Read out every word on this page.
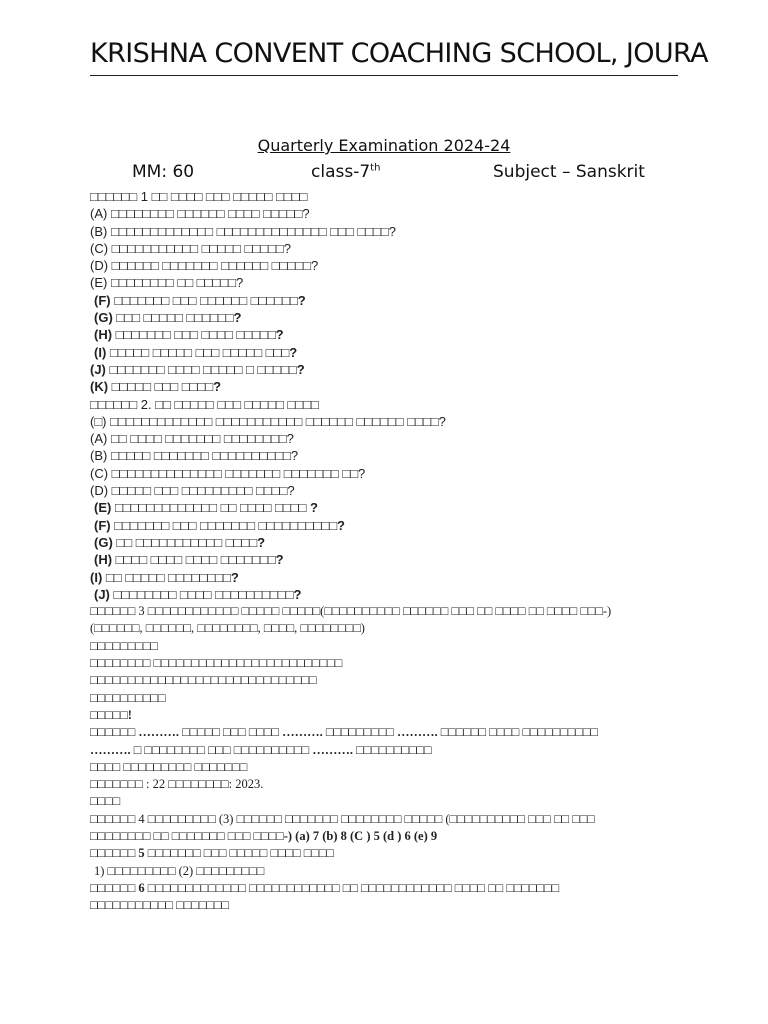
KRISHNA CONVENT COACHING SCHOOL, JOURA
Quarterly Examination 2024-24
MM: 60	class-7th	Subject – Sanskrit
□□□□□□ 1 □□ □□□□ □□□ □□□□□ □□□□
(A) □□□□□□□□ □□□□□□ □□□□ □□□□□?
(B) □□□□□□□□□□□□□ □□□□□□□□□□□□□□ □□□ □□□□?
(C) □□□□□□□□□□□ □□□□□ □□□□□?
(D) □□□□□□ □□□□□□□ □□□□□□ □□□□□?
(E) □□□□□□□□ □□ □□□□□?
(F) □□□□□□□ □□□ □□□□□□ □□□□□□?
(G) □□□ □□□□□ □□□□□□?
(H) □□□□□□□ □□□ □□□□ □□□□□?
(I) □□□□□ □□□□□ □□□ □□□□□ □□□?
(J) □□□□□□□ □□□□ □□□□□ □ □□□□□?
(K) □□□□□ □□□ □□□□?
□□□□□□ 2. □□ □□□□□ □□□ □□□□□ □□□□
(□) □□□□□□□□□□□□□ □□□□□□□□□□□ □□□□□□ □□□□□□ □□□□?
(A) □□ □□□□ □□□□□□□ □□□□□□□□?
(B) □□□□□ □□□□□□□ □□□□□□□□□□?
(C) □□□□□□□□□□□□□□ □□□□□□□ □□□□□□□ □□?
(D) □□□□□ □□□ □□□□□□□□□ □□□□?
(E) □□□□□□□□□□□□□ □□ □□□□ □□□□ ?
(F) □□□□□□□ □□□ □□□□□□□ □□□□□□□□□□?
(G) □□ □□□□□□□□□□□ □□□□?
(H) □□□□ □□□□ □□□□ □□□□□□□?
(I) □□ □□□□□ □□□□□□□□?
(J) □□□□□□□□ □□□□ □□□□□□□□□□?
□□□□□□ 3 □□□□□□□□□□□□ □□□□□ □□□□□(□□□□□□□□□□ □□□□□□ □□□ □□ □□□□ □□ □□□□ □□□-)
(□□□□□□, □□□□□□, □□□□□□□□, □□□□, □□□□□□□□)
□□□□□□□□□
□□□□□□□□ □□□□□□□□□□□□□□□□□□□□□□□□□
□□□□□□□□□□□□□□□□□□□□□□□□□□□□□□
□□□□□□□□□□
□□□□□!
□□□□□□ ………. □□□□□ □□□ □□□□ ………. □□□□□□□□□ ………. □□□□□□ □□□□ □□□□□□□□□□
………. □ □□□□□□□□ □□□ □□□□□□□□□□ ………. □□□□□□□□□□
□□□□ □□□□□□□□□ □□□□□□□
□□□□□□□ : 22 □□□□□□□□: 2023.
□□□□
□□□□□□ 4 □□□□□□□□□ (3) □□□□□□ □□□□□□□ □□□□□□□□ □□□□□ (□□□□□□□□□□ □□□ □□ □□□
□□□□□□□□ □□ □□□□□□□ □□□ □□□□-) (a) 7 (b) 8 (C ) 5 (d ) 6 (e) 9
□□□□□□ 5 □□□□□□□ □□□ □□□□□ □□□□ □□□□
1) □□□□□□□□□ (2) □□□□□□□□□
□□□□□□ 6 □□□□□□□□□□□□□ □□□□□□□□□□□□ □□ □□□□□□□□□□□□ □□□□ □□ □□□□□□□
□□□□□□□□□□□ □□□□□□□
